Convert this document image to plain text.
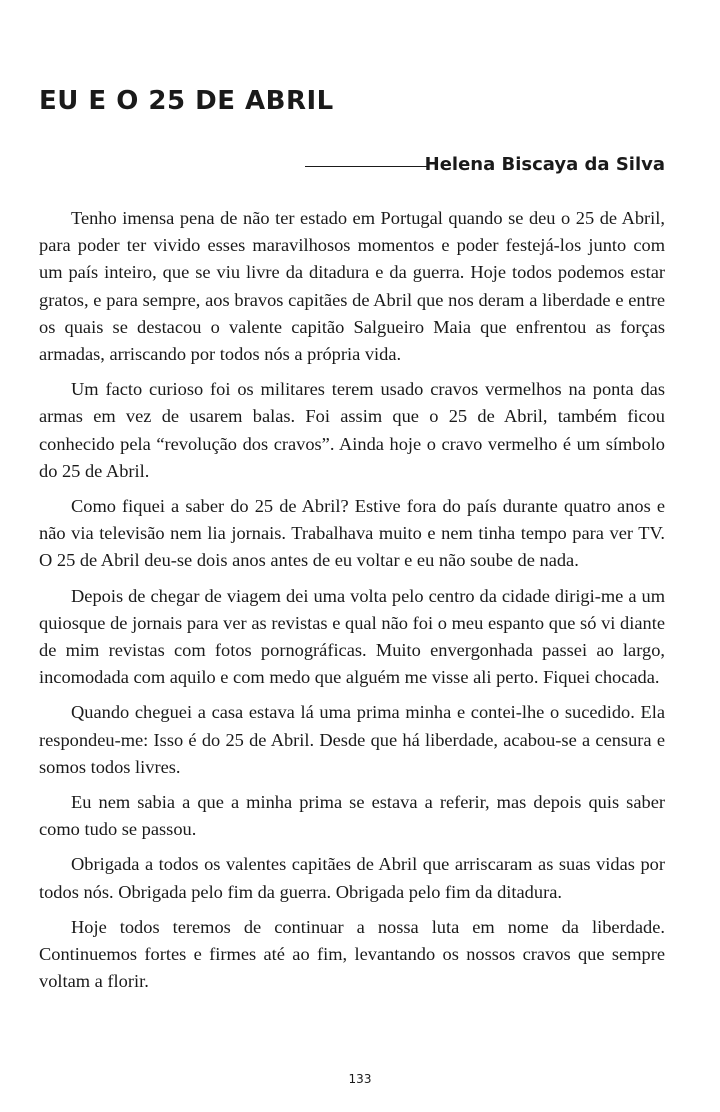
EU E O 25 DE ABRIL
Helena Biscaya da Silva

Tenho imensa pena de não ter estado em Portugal quando se deu o 25 de Abril, para poder ter vivido esses maravilhosos momentos e poder festejá-los junto com um país inteiro, que se viu livre da ditadura e da guerra. Hoje todos podemos estar gratos, e para sempre, aos bravos capitães de Abril que nos deram a liberdade e entre os quais se destacou o valente capitão Salgueiro Maia que enfrentou as forças armadas, arriscando por todos nós a própria vida.

Um facto curioso foi os militares terem usado cravos vermelhos na ponta das armas em vez de usarem balas. Foi assim que o 25 de Abril, também ficou conhecido pela “revolução dos cravos”. Ainda hoje o cravo vermelho é um símbolo do 25 de Abril.

Como fiquei a saber do 25 de Abril? Estive fora do país durante quatro anos e não via televisão nem lia jornais. Trabalhava muito e nem tinha tempo para ver TV. O 25 de Abril deu-se dois anos antes de eu voltar e eu não soube de nada.

Depois de chegar de viagem dei uma volta pelo centro da cidade dirigi-me a um quiosque de jornais para ver as revistas e qual não foi o meu espanto que só vi diante de mim revistas com fotos pornográficas. Muito envergonhada passei ao largo, incomodada com aquilo e com medo que alguém me visse ali perto. Fiquei chocada.

Quando cheguei a casa estava lá uma prima minha e contei-lhe o sucedido. Ela respondeu-me: Isso é do 25 de Abril. Desde que há liberdade, acabou-se a censura e somos todos livres.

Eu nem sabia a que a minha prima se estava a referir, mas depois quis saber como tudo se passou.

Obrigada a todos os valentes capitães de Abril que arriscaram as suas vidas por todos nós. Obrigada pelo fim da guerra. Obrigada pelo fim da ditadura.

Hoje todos teremos de continuar a nossa luta em nome da liberdade. Continuemos fortes e firmes até ao fim, levantando os nossos cravos que sempre voltam a florir.

133
